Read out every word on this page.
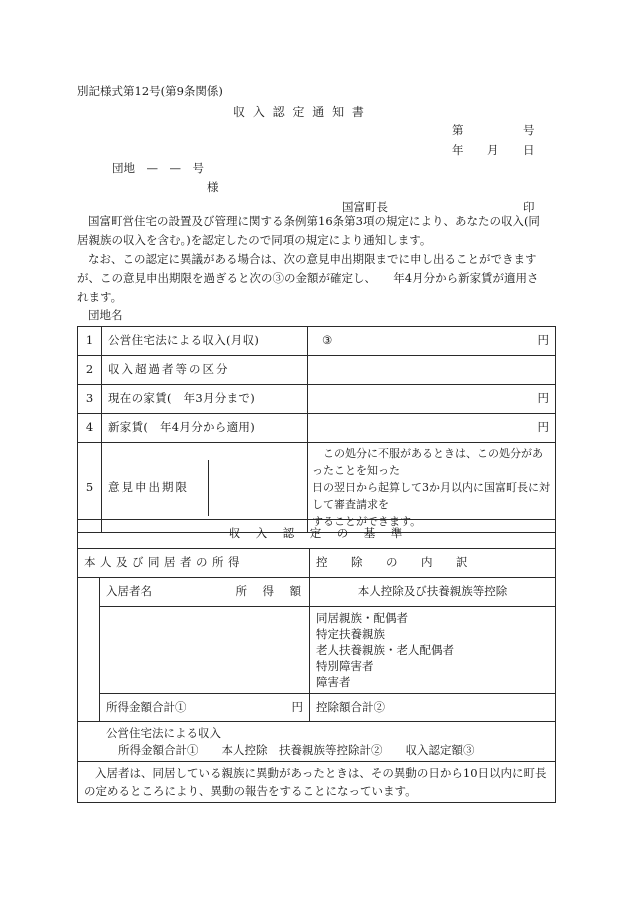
別記様式第12号(第9条関係)
収 入 認 定 通 知 書
第	号
年 月 日
団地　—　—　号
様
国富町長	印
国富町営住宅の設置及び管理に関する条例第16条第3項の規定により、あなたの収入(同
居親族の収入を含む。)を認定したので同項の規定により通知します。
なお、この認定に異議がある場合は、次の意見申出期限までに申し出ることができます
が、この意見申出期限を過ぎると次の③の金額が確定し、　　年4月分から新家賃が適用さ
れます。
団地名
1	公営住宅法による収入(月収)	③ 円

2	収入超過者等の区分	
3	現在の家賃(　年3月分まで)	円
4	新家賃(　年4月分から適用)	円
5	意見申出期限	この処分に不服があるときは、この処分があったことを知った
日の翌日から起算して3か月以内に国富町長に対して審査請求を
することができます。
収　入　認　定　の　基　準		
本人及び同居者の所得		控　除　の　内　訳
	入居者名 所　得　額	本人控除及び扶養親族等控除

		同居親族・配偶者
特定扶養親族
老人扶養親族・老人配偶者
特別障害者
障害者

	所得金額合計① 円	控除額合計②

公営住宅法による収入
所得金額合計①　　本人控除　扶養親族等控除計②　　収入認定額③		

入居者は、同居している親族に異動があったときは、その異動の日から10日以内に町長
の定めるところにより、異動の報告をすることになっています。		
